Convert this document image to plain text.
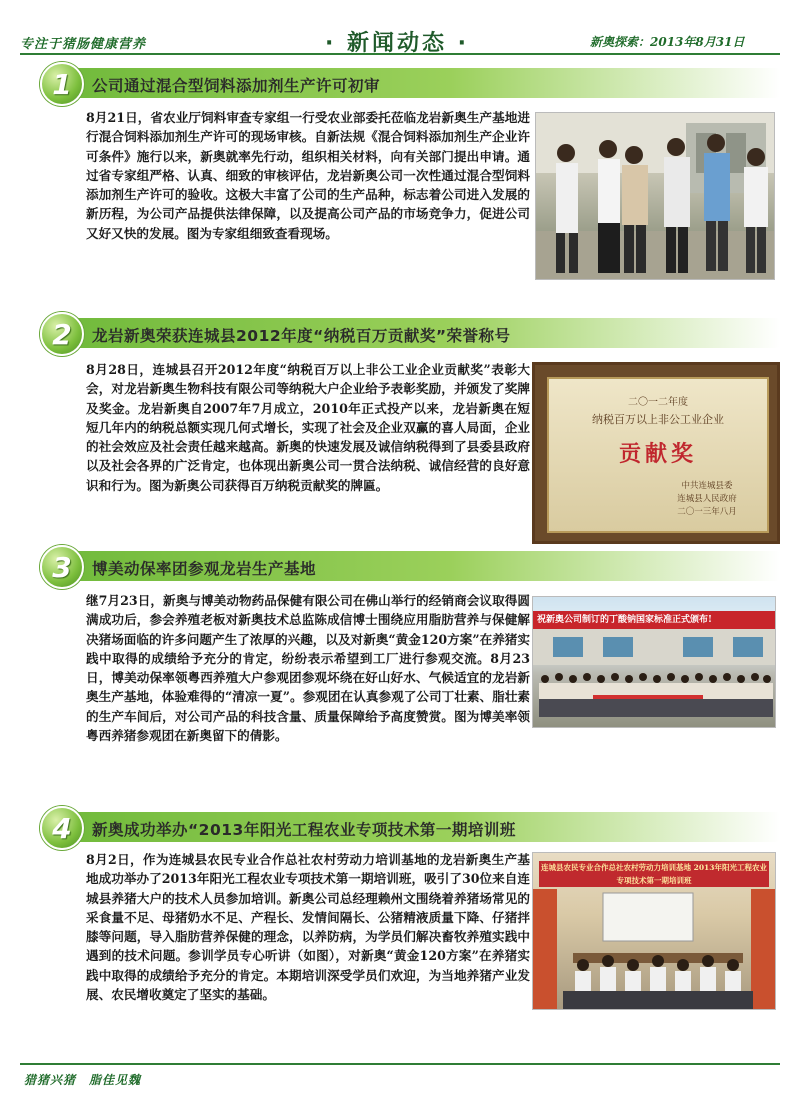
专注于猪肠健康营养	· 新闻动态 ·	新奥探索：2013年8月31日
1	公司通过混合型饲料添加剂生产许可初审
8月21日，省农业厅饲料审查专家组一行受农业部委托莅临龙岩新奥生产基地进行混合饲料添加剂生产许可的现场审核。自新法规《混合饲料添加剂生产企业许可条件》施行以来，新奥就率先行动，组织相关材料，向有关部门提出申请。通过省专家组严格、认真、细致的审核评估，龙岩新奥公司一次性通过混合型饲料添加剂生产许可的验收。这极大丰富了公司的生产品种，标志着公司进入发展的新历程，为公司产品提供法律保障，以及提高公司产品的市场竞争力，促进公司又好又快的发展。图为专家组细致查看现场。
2	龙岩新奥荣获连城县2012年度“纳税百万贡献奖”荣誉称号
8月28日，连城县召开2012年度“纳税百万以上非公工业企业贡献奖”表彰大会，对龙岩新奥生物科技有限公司等纳税大户企业给予表彰奖励，并颁发了奖牌及奖金。龙岩新奥自2007年7月成立，2010年正式投产以来，龙岩新奥在短短几年内的纳税总额实现几何式增长，实现了社会及企业双赢的喜人局面，企业的社会效应及社会责任越来越高。新奥的快速发展及诚信纳税得到了县委县政府以及社会各界的广泛肯定，也体现出新奥公司一贯合法纳税、诚信经营的良好意识和行为。图为新奥公司获得百万纳税贡献奖的牌匾。
二〇一二年度
纳税百万以上非公工业企业
贡献奖
中共连城县委
连城县人民政府
二〇一三年八月
3	博美动保率团参观龙岩生产基地
继7月23日，新奥与博美动物药品保健有限公司在佛山举行的经销商会议取得圆满成功后，参会养殖老板对新奥技术总监陈成信博士围绕应用脂肪营养与保健解决猪场面临的许多问题产生了浓厚的兴趣，以及对新奥“黄金120方案”在养猪实践中取得的成绩给予充分的肯定，纷纷表示希望到工厂进行参观交流。8月23日，博美动保率领粤西养殖大户参观团参观坏绕在好山好水、气候适宜的龙岩新奥生产基地，体验难得的“清凉一夏”。参观团在认真参观了公司丁壮素、脂壮素的生产车间后，对公司产品的科技含量、质量保障给予高度赞赏。图为博美率领粤西养猪参观团在新奥留下的倩影。
祝新奥公司制订的丁酸钠国家标准正式颁布!
4	新奥成功举办“2013年阳光工程农业专项技术第一期培训班
8月2日，作为连城县农民专业合作总社农村劳动力培训基地的龙岩新奥生产基地成功举办了2013年阳光工程农业专项技术第一期培训班，吸引了30位来自连城县养猪大户的技术人员参加培训。新奥公司总经理赖州文围绕着养猪场常见的采食量不足、母猪奶水不足、产程长、发情间隔长、公猪精液质量下降、仔猪拌膝等问题，导入脂肪营养保健的理念，以养防病，为学员们解决畜牧养殖实践中遇到的技术问题。参训学员专心听讲（如图），对新奥“黄金120方案”在养猪实践中取得的成绩给予充分的肯定。本期培训深受学员们欢迎，为当地养猪产业发展、农民增收奠定了坚实的基础。
连城县农民专业合作总社农村劳动力培训基地 2013年阳光工程农业专项技术第一期培训班
猎猪兴猪　脂佳见魏
